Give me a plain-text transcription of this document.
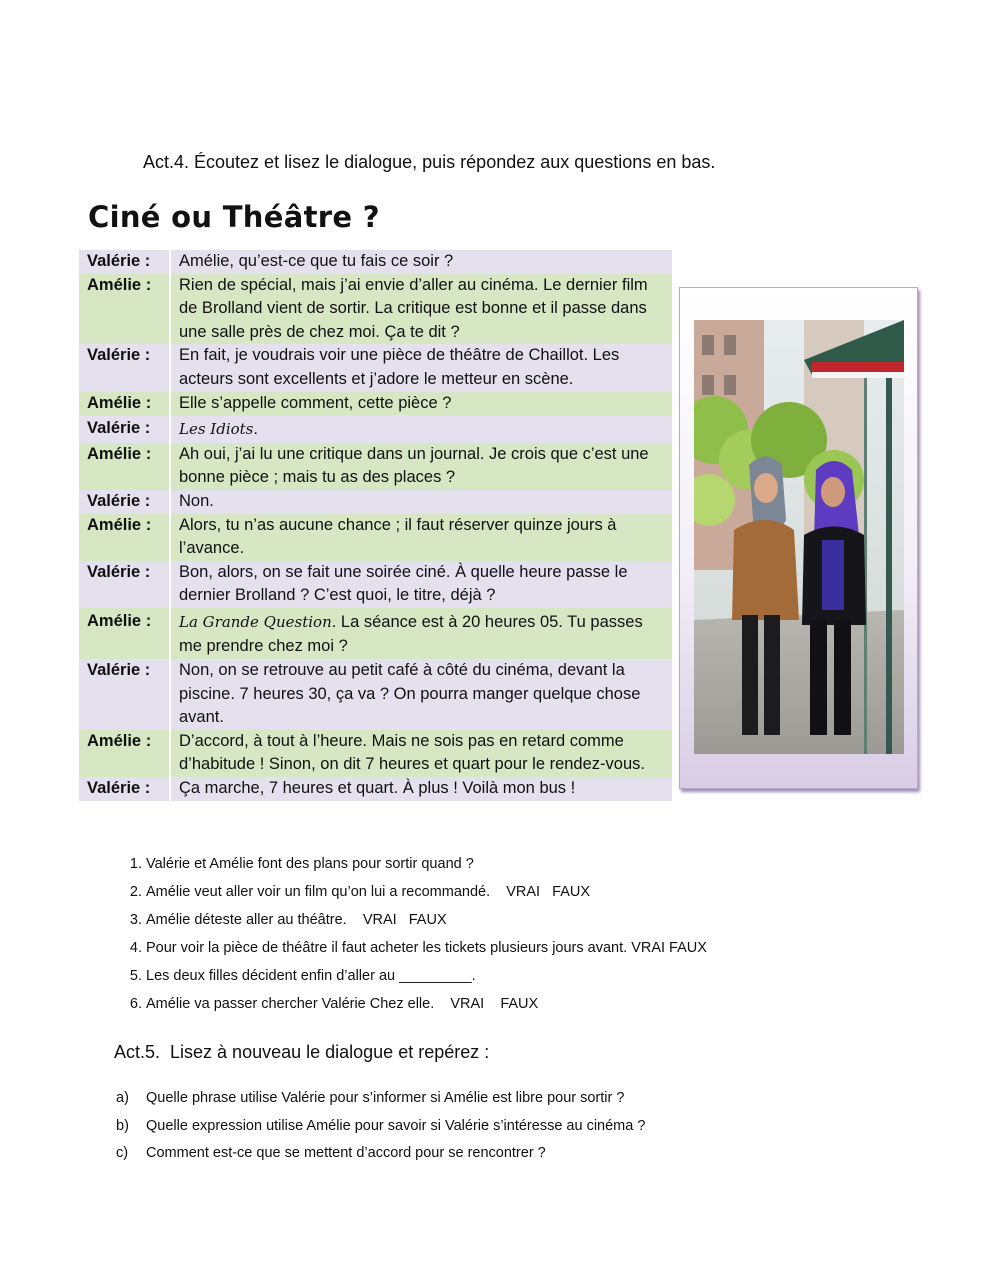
Act.4. Écoutez et lisez le dialogue, puis répondez aux questions en bas.
Ciné ou Théâtre ?
Valérie :	Amélie, qu’est-ce que tu fais ce soir ?
Amélie :	Rien de spécial, mais j’ai envie d’aller au cinéma. Le dernier film de Brolland vient de sortir. La critique est bonne et il passe dans une salle près de chez moi. Ça te dit ?
Valérie :	En fait, je voudrais voir une pièce de théâtre de Chaillot. Les acteurs sont excellents et j’adore le metteur en scène.
Amélie :	Elle s’appelle comment, cette pièce ?
Valérie :	Les Idiots.
Amélie :	Ah oui, j’ai lu une critique dans un journal. Je crois que c’est une bonne pièce ; mais tu as des places ?
Valérie :	Non.
Amélie :	Alors, tu n’as aucune chance ; il faut réserver quinze jours à l’avance.
Valérie :	Bon, alors, on se fait une soirée ciné. À quelle heure passe le dernier Brolland ? C’est quoi, le titre, déjà ?
Amélie :	La Grande Question. La séance est à 20 heures 05. Tu passes me prendre chez moi ?
Valérie :	Non, on se retrouve au petit café à côté du cinéma, devant la piscine. 7 heures 30, ça va ? On pourra manger quelque chose avant.
Amélie :	D’accord, à tout à l’heure. Mais ne sois pas en retard comme d’habitude ! Sinon, on dit 7 heures et quart pour le rendez-vous.
Valérie :	Ça marche, 7 heures et quart. À plus ! Voilà mon bus !
1. Valérie et Amélie font des plans pour sortir quand ?
2. Amélie veut aller voir un film qu’on lui a recommandé.    VRAI   FAUX
3. Amélie déteste aller au théâtre.    VRAI   FAUX
4. Pour voir la pièce de théâtre il faut acheter les tickets plusieurs jours avant. VRAI FAUX
5. Les deux filles décident enfin d’aller au _________.
6. Amélie va passer chercher Valérie Chez elle.    VRAI    FAUX
Act.5.  Lisez à nouveau le dialogue et repérez :
a) Quelle phrase utilise Valérie pour s’informer si Amélie est libre pour sortir ?
b) Quelle expression utilise Amélie pour savoir si Valérie s’intéresse au cinéma ?
c) Comment est-ce que se mettent d’accord pour se rencontrer ?
